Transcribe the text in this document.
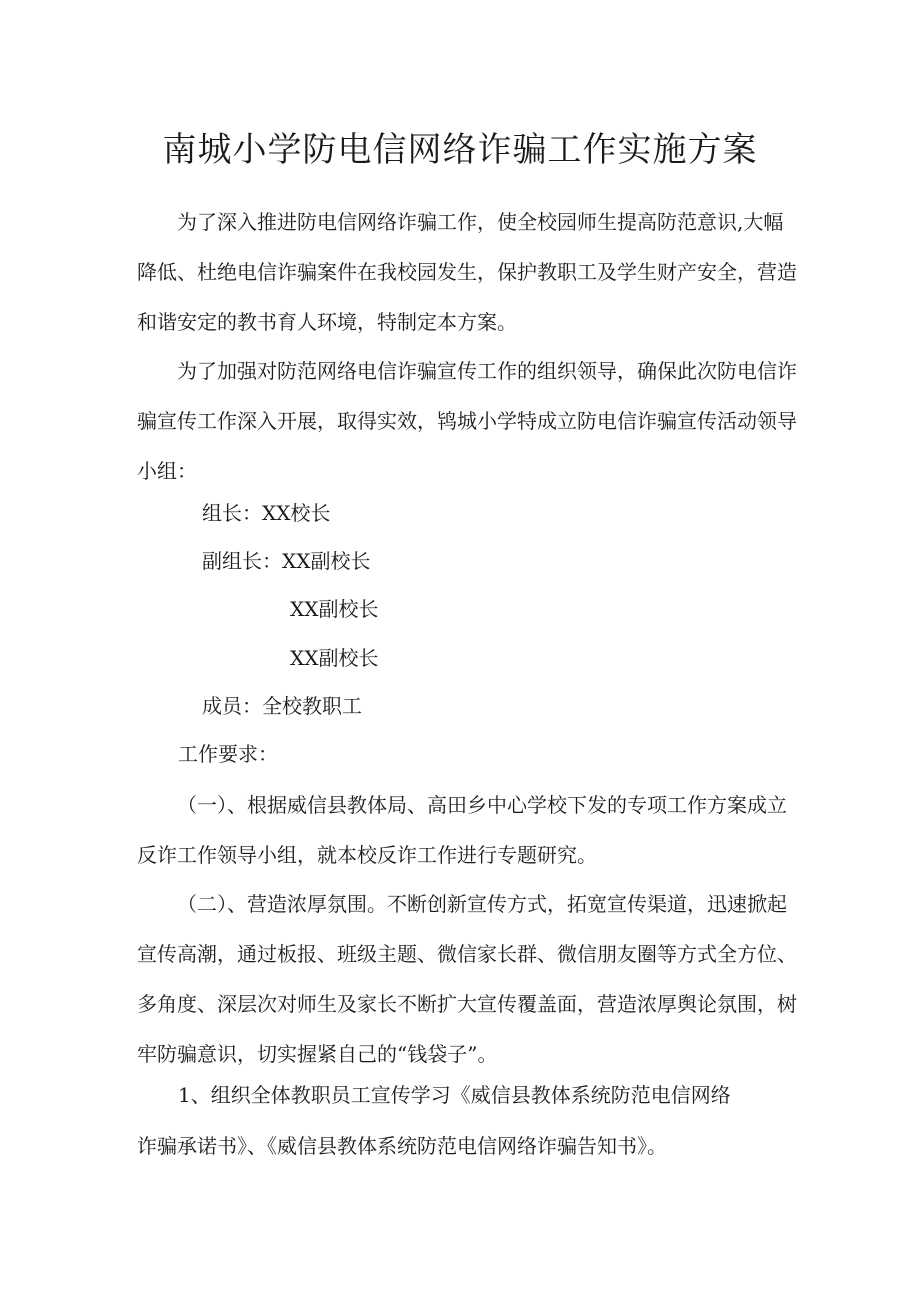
南城小学防电信网络诈骗工作实施方案

为了深入推进防电信网络诈骗工作，使全校园师生提高防范意识,大幅降低、杜绝电信诈骗案件在我校园发生，保护教职工及学生财产安全，营造和谐安定的教书育人环境，特制定本方案。

为了加强对防范网络电信诈骗宣传工作的组织领导，确保此次防电信诈骗宣传工作深入开展，取得实效，鸨城小学特成立防电信诈骗宣传活动领导小组：

组长：XX校长
副组长：XX副校长
XX副校长
XX副校长
成员：全校教职工
工作要求：

（一）、根据威信县教体局、高田乡中心学校下发的专项工作方案成立反诈工作领导小组，就本校反诈工作进行专题研究。

（二）、营造浓厚氛围。不断创新宣传方式，拓宽宣传渠道，迅速掀起宣传高潮，通过板报、班级主题、微信家长群、微信朋友圈等方式全方位、多角度、深层次对师生及家长不断扩大宣传覆盖面，营造浓厚舆论氛围，树牢防骗意识，切实握紧自己的“钱袋子”。

1、组织全体教职员工宣传学习《威信县教体系统防范电信网络
诈骗承诺书》、《威信县教体系统防范电信网络诈骗告知书》。
